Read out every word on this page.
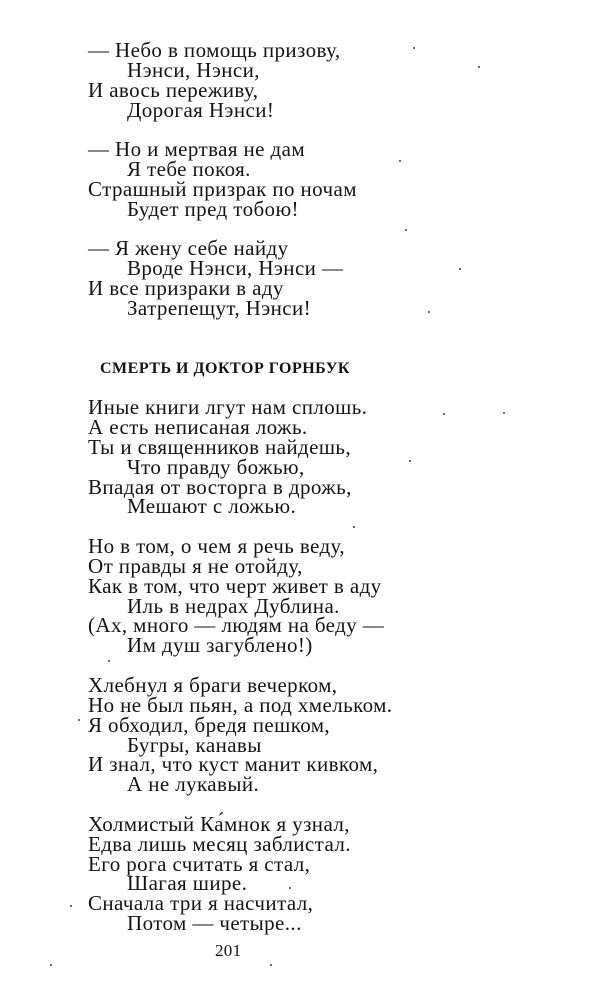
— Небо в помощь призову,
Нэнси, Нэнси,
И авось переживу,
Дорогая Нэнси!
— Но и мертвая не дам
Я тебе покоя.
Страшный призрак по ночам
Будет пред тобою!
— Я жену себе найду
Вроде Нэнси, Нэнси —
И все призраки в аду
Затрепещут, Нэнси!
СМЕРТЬ И ДОКТОР ГОРНБУК
Иные книги лгут нам сплошь.
А есть неписаная ложь.
Ты и священников найдешь,
Что правду божью,
Впадая от восторга в дрожь,
Мешают с ложью.
Но в том, о чем я речь веду,
От правды я не отойду,
Как в том, что черт живет в аду
Иль в недрах Дублина.
(Ах, много — людям на беду —
Им душ загублено!)
Хлебнул я браги вечерком,
Но не был пьян, а под хмельком.
Я обходил, бредя пешком,
Бугры, канавы
И знал, что куст манит кивком,
А не лукавый.
Холмистый Ка́мнок я узнал,
Едва лишь месяц заблистал.
Его рога считать я стал,
Шагая шире.
Сначала три я насчитал,
Потом — четыре...
201
